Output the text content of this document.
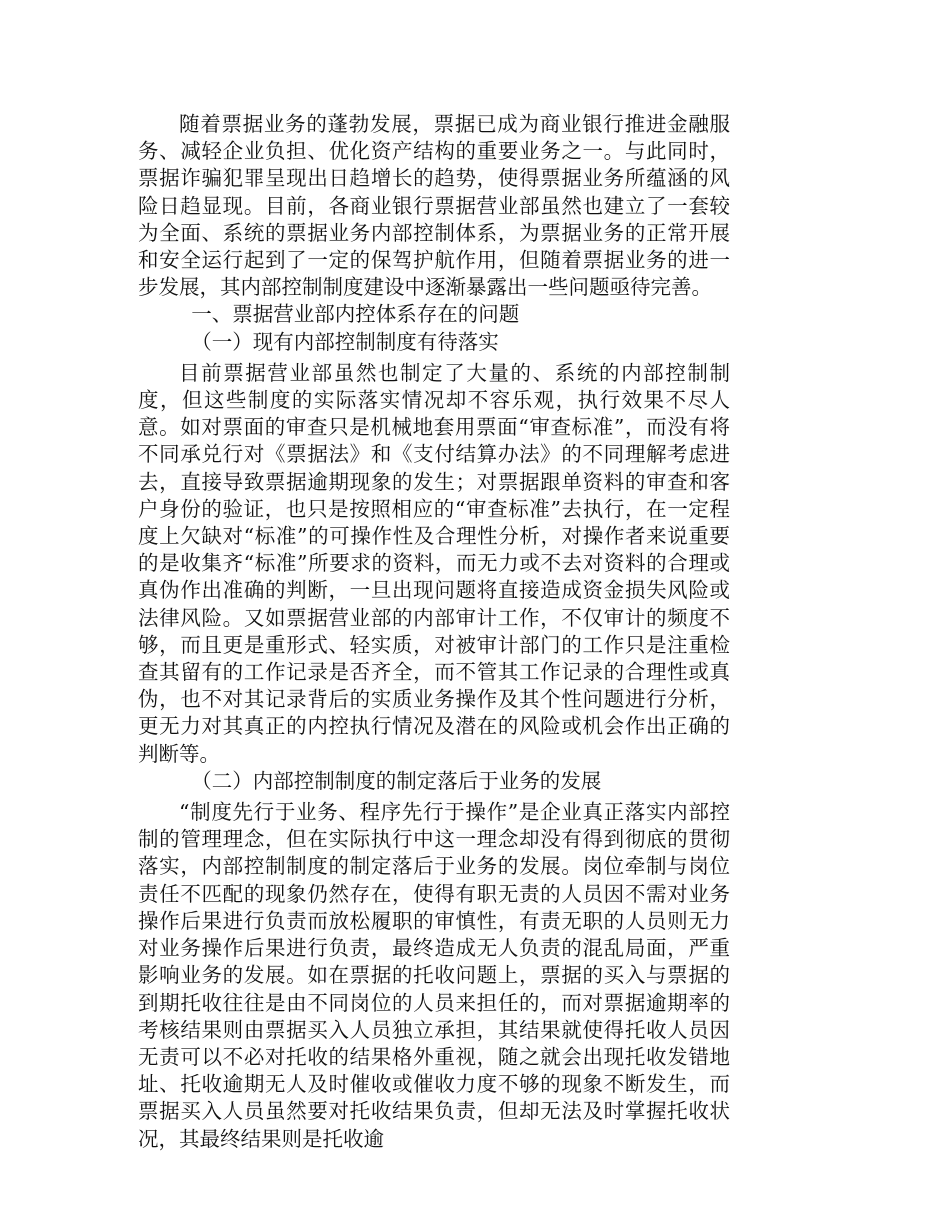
随着票据业务的蓬勃发展，票据已成为商业银行推进金融服务、减轻企业负担、优化资产结构的重要业务之一。与此同时，票据诈骗犯罪呈现出日趋增长的趋势，使得票据业务所蕴涵的风险日趋显现。目前，各商业银行票据营业部虽然也建立了一套较为全面、系统的票据业务内部控制体系，为票据业务的正常开展和安全运行起到了一定的保驾护航作用，但随着票据业务的进一步发展，其内部控制制度建设中逐渐暴露出一些问题亟待完善。

一、票据营业部内控体系存在的问题

（一）现有内部控制制度有待落实

目前票据营业部虽然也制定了大量的、系统的内部控制制度，但这些制度的实际落实情况却不容乐观，执行效果不尽人意。如对票面的审查只是机械地套用票面“审查标准”，而没有将不同承兑行对《票据法》和《支付结算办法》的不同理解考虑进去，直接导致票据逾期现象的发生；对票据跟单资料的审查和客户身份的验证，也只是按照相应的“审查标准”去执行，在一定程度上欠缺对“标准”的可操作性及合理性分析，对操作者来说重要的是收集齐“标准”所要求的资料，而无力或不去对资料的合理或真伪作出准确的判断，一旦出现问题将直接造成资金损失风险或法律风险。又如票据营业部的内部审计工作，不仅审计的频度不够，而且更是重形式、轻实质，对被审计部门的工作只是注重检查其留有的工作记录是否齐全，而不管其工作记录的合理性或真伪，也不对其记录背后的实质业务操作及其个性问题进行分析，更无力对其真正的内控执行情况及潜在的风险或机会作出正确的判断等。

（二）内部控制制度的制定落后于业务的发展

“制度先行于业务、程序先行于操作”是企业真正落实内部控制的管理理念，但在实际执行中这一理念却没有得到彻底的贯彻落实，内部控制制度的制定落后于业务的发展。岗位牵制与岗位责任不匹配的现象仍然存在，使得有职无责的人员因不需对业务操作后果进行负责而放松履职的审慎性，有责无职的人员则无力对业务操作后果进行负责，最终造成无人负责的混乱局面，严重影响业务的发展。如在票据的托收问题上，票据的买入与票据的到期托收往往是由不同岗位的人员来担任的，而对票据逾期率的考核结果则由票据买入人员独立承担，其结果就使得托收人员因无责可以不必对托收的结果格外重视，随之就会出现托收发错地址、托收逾期无人及时催收或催收力度不够的现象不断发生，而票据买入人员虽然要对托收结果负责，但却无法及时掌握托收状况，其最终结果则是托收逾
